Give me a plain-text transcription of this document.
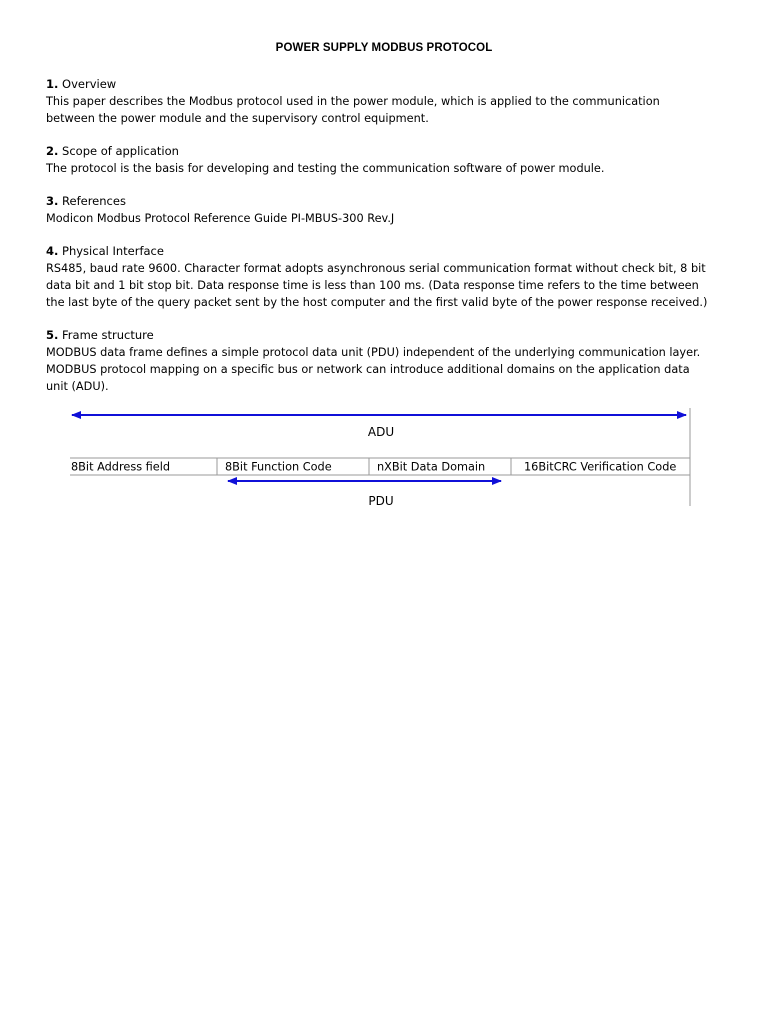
POWER SUPPLY MODBUS PROTOCOL
1. Overview
This paper describes the Modbus protocol used in the power module, which is applied to the communication
between the power module and the supervisory control equipment.
2. Scope of application
The protocol is the basis for developing and testing the communication software of power module.
3. References
Modicon Modbus Protocol Reference Guide PI-MBUS-300 Rev.J
4. Physical Interface
RS485, baud rate 9600. Character format adopts asynchronous serial communication format without check bit, 8 bit
data bit and 1 bit stop bit. Data response time is less than 100 ms. (Data response time refers to the time between
the last byte of the query packet sent by the host computer and the first valid byte of the power response received.)
5. Frame structure
MODBUS data frame defines a simple protocol data unit (PDU) independent of the underlying communication layer.
MODBUS protocol mapping on a specific bus or network can introduce additional domains on the application data
unit (ADU).
ADU
8Bit Address field	8Bit Function Code	nXBit Data Domain	16BitCRC Verification Code
PDU
